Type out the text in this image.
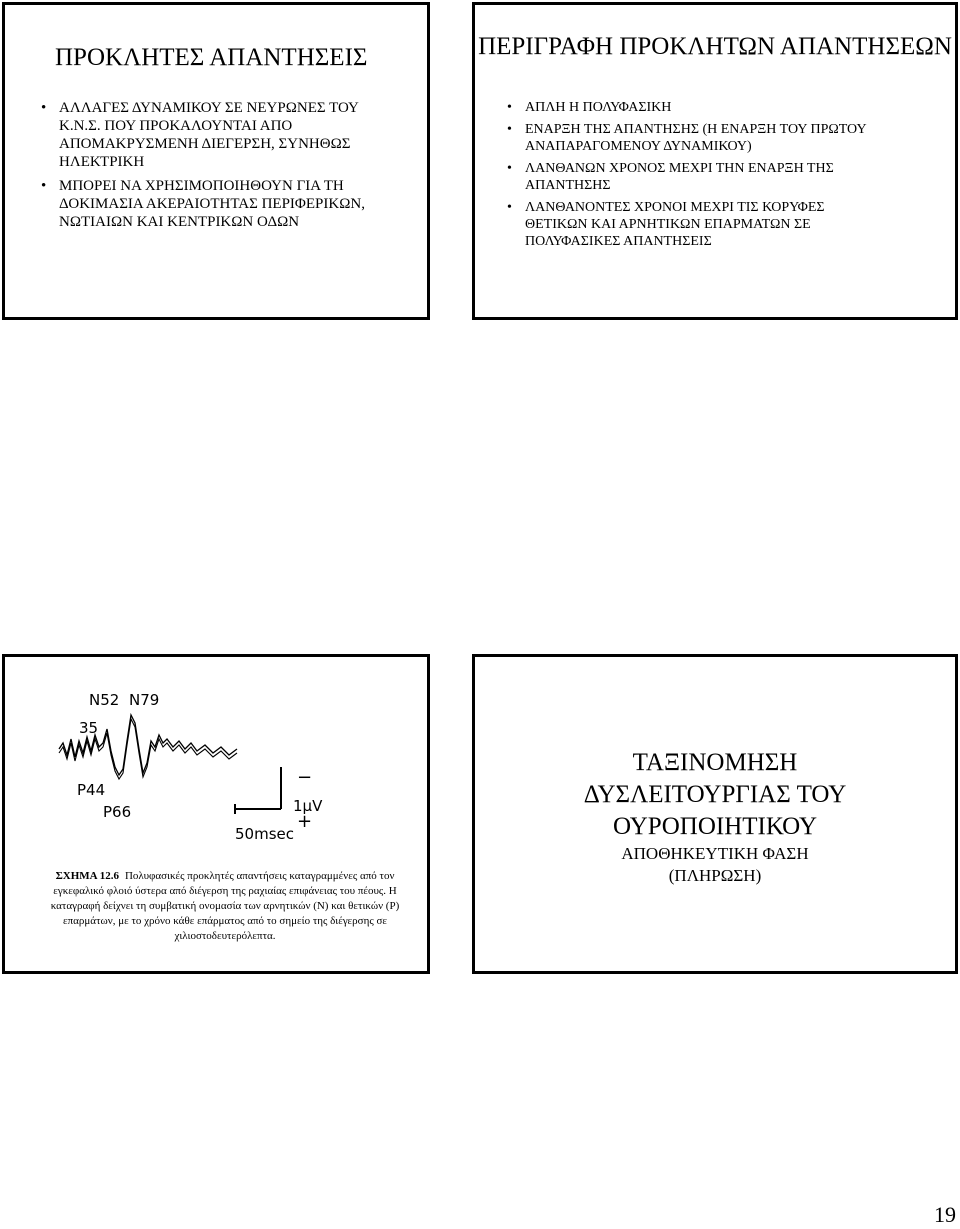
ΠΡΟΚΛΗΤΕΣ ΑΠΑΝΤΗΣΕΙΣ
• ΑΛΛΑΓΕΣ ΔΥΝΑΜΙΚΟΥ ΣΕ ΝΕΥΡΩΝΕΣ ΤΟΥ Κ.Ν.Σ. ΠΟΥ ΠΡΟΚΑΛΟΥΝΤΑΙ ΑΠΟ ΑΠΟΜΑΚΡΥΣΜΕΝΗ ΔΙΕΓΕΡΣΗ, ΣΥΝΗΘΩΣ ΗΛΕΚΤΡΙΚΗ
• ΜΠΟΡΕΙ ΝΑ ΧΡΗΣΙΜΟΠΟΙΗΘΟΥΝ ΓΙΑ ΤΗ ΔΟΚΙΜΑΣΙΑ ΑΚΕΡΑΙΟΤΗΤΑΣ ΠΕΡΙΦΕΡΙΚΩΝ, ΝΩΤΙΑΙΩΝ ΚΑΙ ΚΕΝΤΡΙΚΩΝ ΟΔΩΝ
ΠΕΡΙΓΡΑΦΗ ΠΡΟΚΛΗΤΩΝ ΑΠΑΝΤΗΣΕΩΝ
• ΑΠΛΗ Η ΠΟΛΥΦΑΣΙΚΗ
• ΕΝΑΡΞΗ ΤΗΣ ΑΠΑΝΤΗΣΗΣ (Η ΕΝΑΡΞΗ ΤΟΥ ΠΡΩΤΟΥ ΑΝΑΠΑΡΑΓΟΜΕΝΟΥ ΔΥΝΑΜΙΚΟΥ)
• ΛΑΝΘΑΝΩΝ ΧΡΟΝΟΣ ΜΕΧΡΙ ΤΗΝ ΕΝΑΡΞΗ ΤΗΣ ΑΠΑΝΤΗΣΗΣ
• ΛΑΝΘΑΝΟΝΤΕΣ ΧΡΟΝΟΙ ΜΕΧΡΙ ΤΙΣ ΚΟΡΥΦΕΣ ΘΕΤΙΚΩΝ ΚΑΙ ΑΡΝΗΤΙΚΩΝ ΕΠΑΡΜΑΤΩΝ ΣΕ ΠΟΛΥΦΑΣΙΚΕΣ ΑΠΑΝΤΗΣΕΙΣ
N52 N79
35
P44
P66	1μV
−
+
50msec

ΣΧΗΜΑ 12.6 Πολυφασικές προκλητές απαντήσεις καταγραμμένες από τον εγκεφαλικό φλοιό ύστερα από διέγερση της ραχιαίας επιφάνειας του πέους. Η καταγραφή δείχνει τη συμβατική ονομασία των αρνητικών (N) και θετικών (P) επαρμάτων, με το χρόνο κάθε επάρματος από το σημείο της διέγερσης σε χιλιοστοδευτερόλεπτα.

ΤΑΞΙΝΟΜΗΣΗ
ΔΥΣΛΕΙΤΟΥΡΓΙΑΣ ΤΟΥ
ΟΥΡΟΠΟΙΗΤΙΚΟΥ

ΑΠΟΘΗΚΕΥΤΙΚΗ ΦΑΣΗ
(ΠΛΗΡΩΣΗ)

19
